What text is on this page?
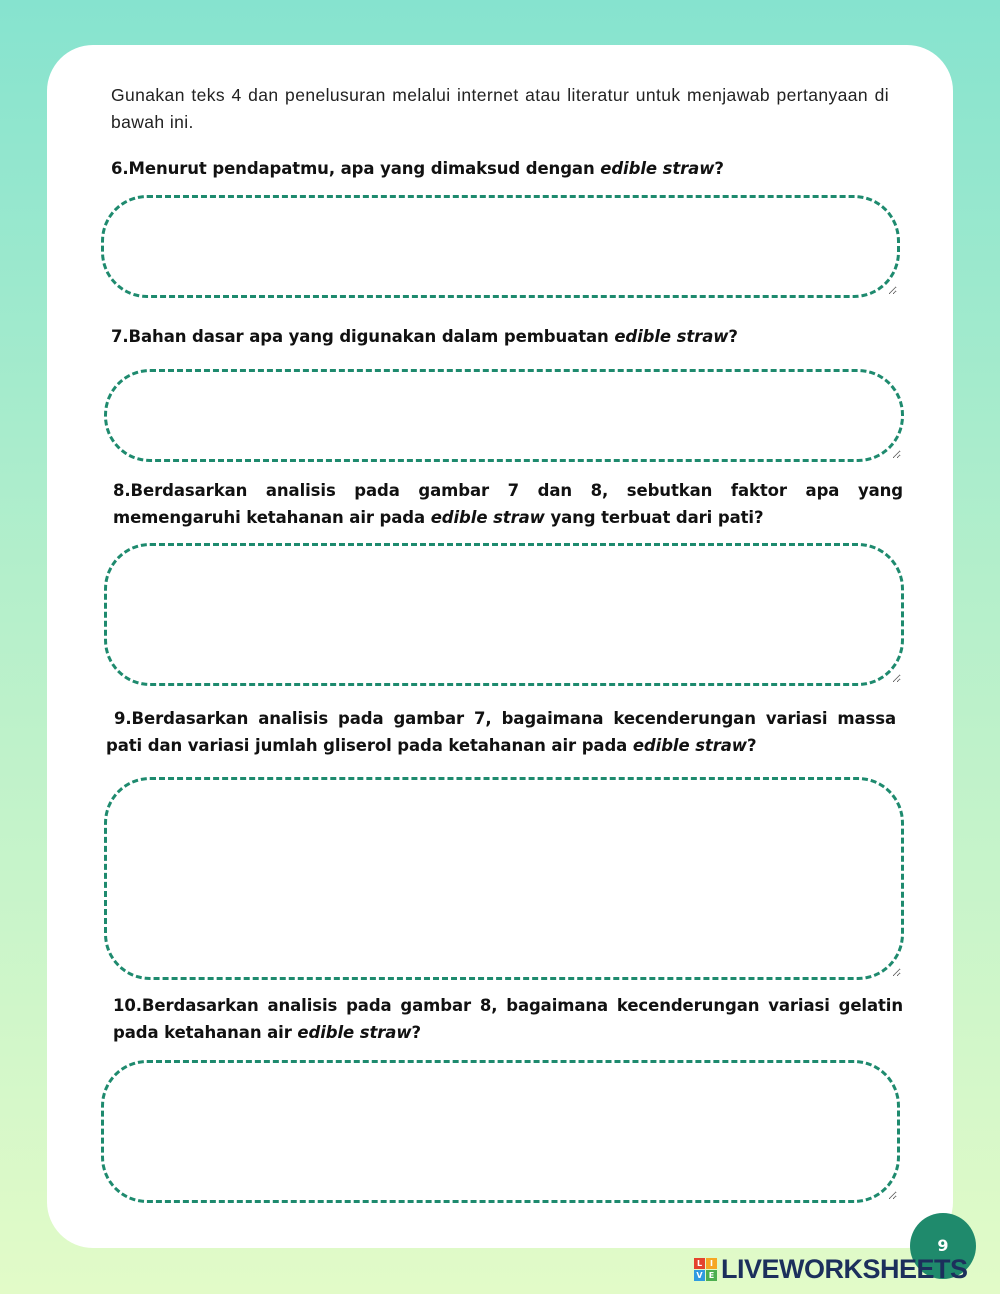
Gunakan teks 4 dan penelusuran melalui internet atau literatur untuk menjawab pertanyaan di bawah ini.

6.Menurut pendapatmu, apa yang dimaksud dengan edible straw?
7.Bahan dasar apa yang digunakan dalam pembuatan edible straw?
8.Berdasarkan analisis pada gambar 7 dan 8, sebutkan faktor apa yang memengaruhi ketahanan air pada edible straw yang terbuat dari pati?
9.Berdasarkan analisis pada gambar 7, bagaimana kecenderungan variasi massa pati dan variasi jumlah gliserol pada ketahanan air pada edible straw?
10.Berdasarkan analisis pada gambar 8, bagaimana kecenderungan variasi gelatin pada ketahanan air edible straw?
9
L I
V E LIVEWORKSHEETS
